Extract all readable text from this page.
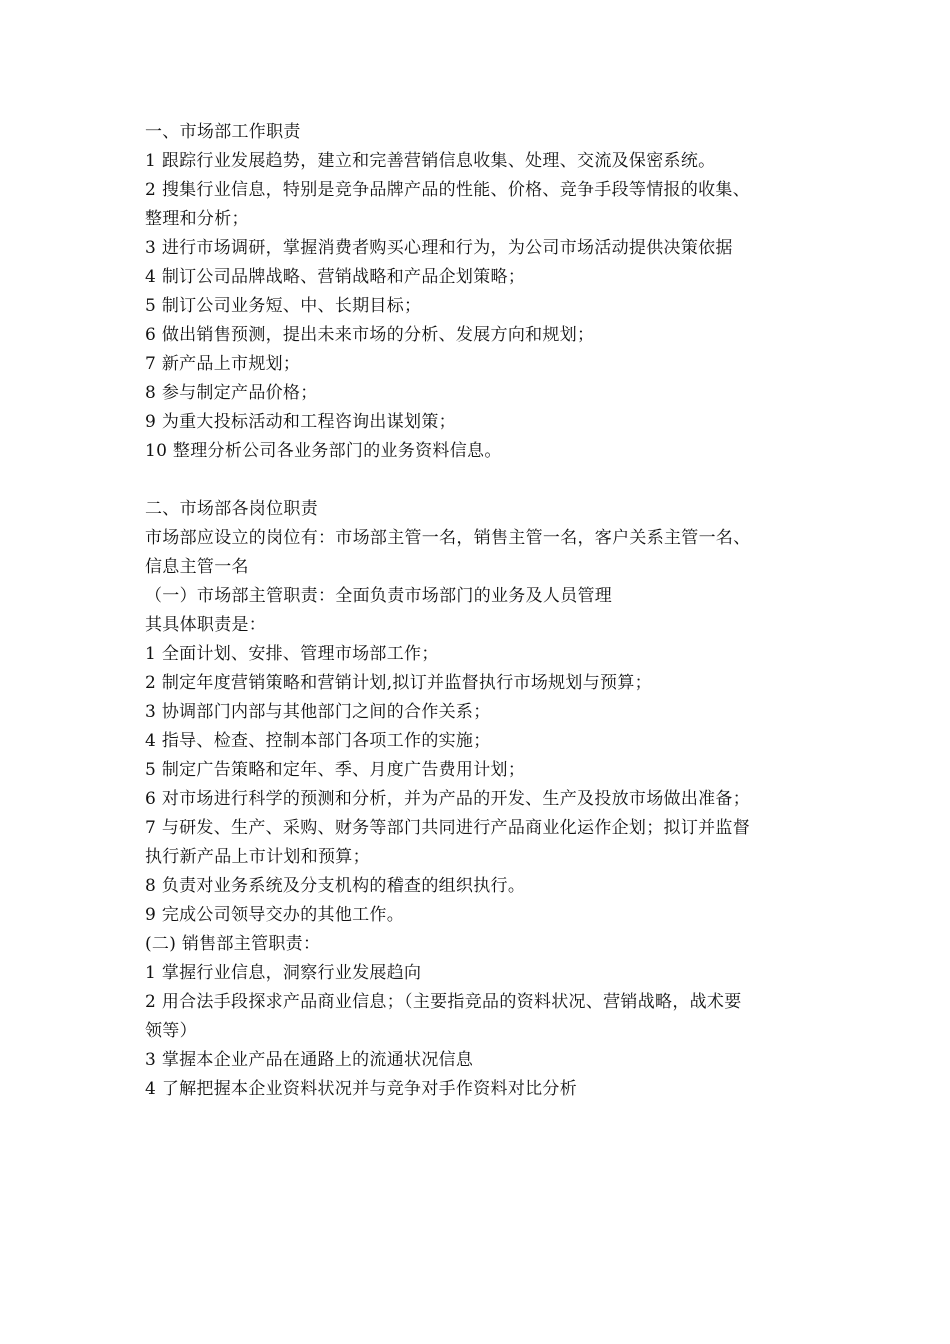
一、市场部工作职责
1 跟踪行业发展趋势，建立和完善营销信息收集、处理、交流及保密系统。
2 搜集行业信息，特别是竞争品牌产品的性能、价格、竞争手段等情报的收集、
整理和分析；
3 进行市场调研，掌握消费者购买心理和行为，为公司市场活动提供决策依据
4 制订公司品牌战略、营销战略和产品企划策略；
5 制订公司业务短、中、长期目标；
6 做出销售预测，提出未来市场的分析、发展方向和规划；
7 新产品上市规划；
8 参与制定产品价格；
9 为重大投标活动和工程咨询出谋划策；
10 整理分析公司各业务部门的业务资料信息。
二、市场部各岗位职责
市场部应设立的岗位有：市场部主管一名，销售主管一名，客户关系主管一名、
信息主管一名
（一）市场部主管职责：全面负责市场部门的业务及人员管理
其具体职责是：
1 全面计划、安排、管理市场部工作；
2 制定年度营销策略和营销计划,拟订并监督执行市场规划与预算；
3 协调部门内部与其他部门之间的合作关系；
4 指导、检查、控制本部门各项工作的实施；
5 制定广告策略和定年、季、月度广告费用计划；
6 对市场进行科学的预测和分析，并为产品的开发、生产及投放市场做出准备；
7 与研发、生产、采购、财务等部门共同进行产品商业化运作企划；拟订并监督
执行新产品上市计划和预算；
8 负责对业务系统及分支机构的稽查的组织执行。
9 完成公司领导交办的其他工作。
(二) 销售部主管职责：
1 掌握行业信息，洞察行业发展趋向
2 用合法手段探求产品商业信息；（主要指竞品的资料状况、营销战略，战术要
领等）
3 掌握本企业产品在通路上的流通状况信息
4 了解把握本企业资料状况并与竞争对手作资料对比分析
